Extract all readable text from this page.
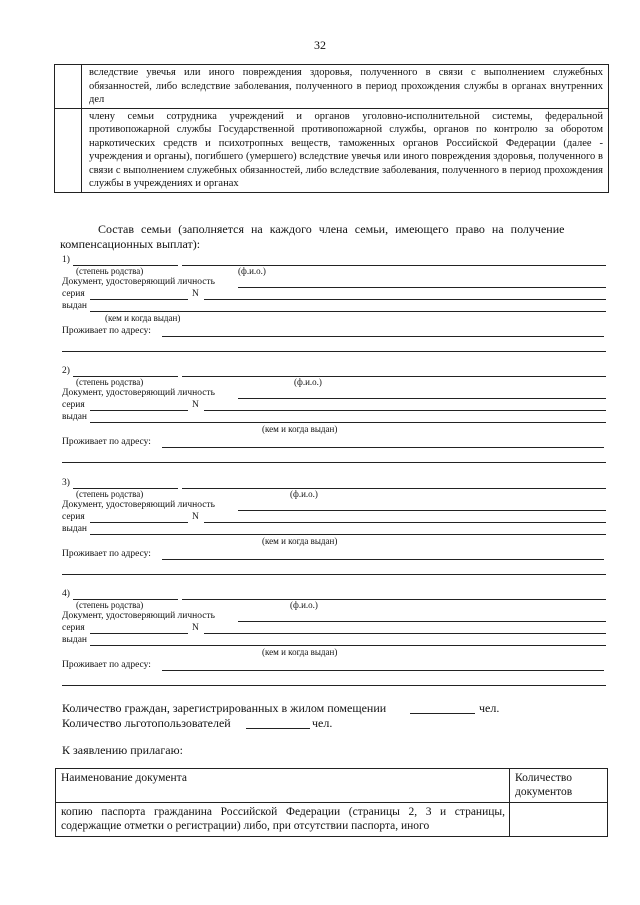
32
	вследствие увечья или иного повреждения здоровья, полученного в связи с выполнением служебных обязанностей, либо вследствие заболевания, полученного в период прохождения службы в органах внутренних дел
	члену семьи сотрудника учреждений и органов уголовно-исполнительной системы, федеральной противопожарной службы Государственной противопожарной службы, органов по контролю за оборотом наркотических средств и психотропных веществ, таможенных органов Российской Федерации (далее - учреждения и органы), погибшего (умершего) вследствие увечья или иного повреждения здоровья, полученного в связи с выполнением служебных обязанностей, либо вследствие заболевания, полученного в период прохождения службы в учреждениях и органах
Состав семьи (заполняется на каждого члена семьи, имеющего право на получение
компенсационных выплат):
1)
(степень родства)	(ф.и.о.)
Документ, удостоверяющий личность
серия	N
выдан
(кем и когда выдан)
Проживает по адресу:
2)
(степень родства)	(ф.и.о.)
Документ, удостоверяющий личность
серия	N
выдан
(кем и когда выдан)
Проживает по адресу:
3)
(степень родства)	(ф.и.о.)
Документ, удостоверяющий личность
серия	N
выдан
(кем и когда выдан)
Проживает по адресу:
4)
(степень родства)	(ф.и.о.)
Документ, удостоверяющий личность
серия	N
выдан
(кем и когда выдан)
Проживает по адресу:
Количество граждан, зарегистрированных в жилом помещении	чел.
Количество льготопользователей	чел.
К заявлению прилагаю:
Наименование документа	Количество документов
копию паспорта гражданина Российской Федерации (страницы 2, 3 и страницы, содержащие отметки о регистрации) либо, при отсутствии паспорта, иного	
